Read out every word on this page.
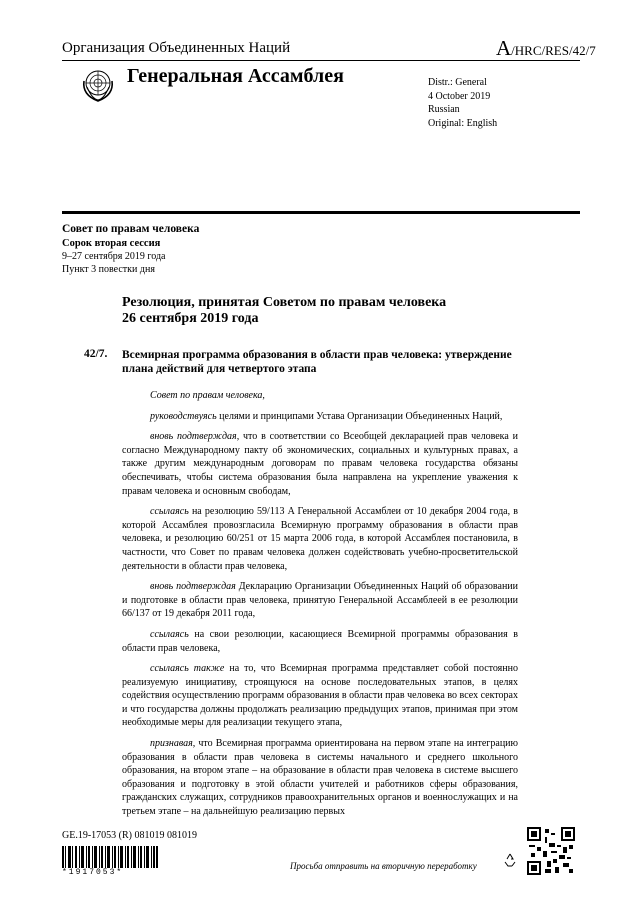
Организация Объединенных Наций	A/HRC/RES/42/7
Генеральная Ассамблея	Distr.: General
4 October 2019
Russian
Original: English
Совет по правам человека
Сорок вторая сессия
9–27 сентября 2019 года
Пункт 3 повестки дня
Резолюция, принятая Советом по правам человека
26 сентября 2019 года
42/7. Всемирная программа образования в области прав человека: утверждение плана действий для четвертого этапа

Совет по правам человека,

руководствуясь целями и принципами Устава Организации Объединенных Наций,

вновь подтверждая, что в соответствии со Всеобщей декларацией прав человека и согласно Международному пакту об экономических, социальных и культурных правах, а также другим международным договорам по правам человека государства обязаны обеспечивать, чтобы система образования была направлена на укрепление уважения к правам человека и основным свободам,

ссылаясь на резолюцию 59/113 A Генеральной Ассамблеи от 10 декабря 2004 года, в которой Ассамблея провозгласила Всемирную программу образования в области прав человека, и резолюцию 60/251 от 15 марта 2006 года, в которой Ассамблея постановила, в частности, что Совет по правам человека должен содействовать учебно-просветительской деятельности в области прав человека,

вновь подтверждая Декларацию Организации Объединенных Наций об образовании и подготовке в области прав человека, принятую Генеральной Ассамблеей в ее резолюции 66/137 от 19 декабря 2011 года,

ссылаясь на свои резолюции, касающиеся Всемирной программы образования в области прав человека,

ссылаясь также на то, что Всемирная программа представляет собой постоянно реализуемую инициативу, строящуюся на основе последовательных этапов, в целях содействия осуществлению программ образования в области прав человека во всех секторах и что государства должны продолжать реализацию предыдущих этапов, принимая при этом необходимые меры для реализации текущего этапа,

признавая, что Всемирная программа ориентирована на первом этапе на интеграцию образования в области прав человека в системы начального и среднего школьного образования, на втором этапе – на образование в области прав человека в системе высшего образования и подготовку в этой области учителей и работников сферы образования, гражданских служащих, сотрудников правоохранительных органов и военнослужащих и на третьем этапе – на дальнейшую реализацию первых

GE.19-17053 (R) 081019 081019
*1917053*
Просьба отправить на вторичную переработку
